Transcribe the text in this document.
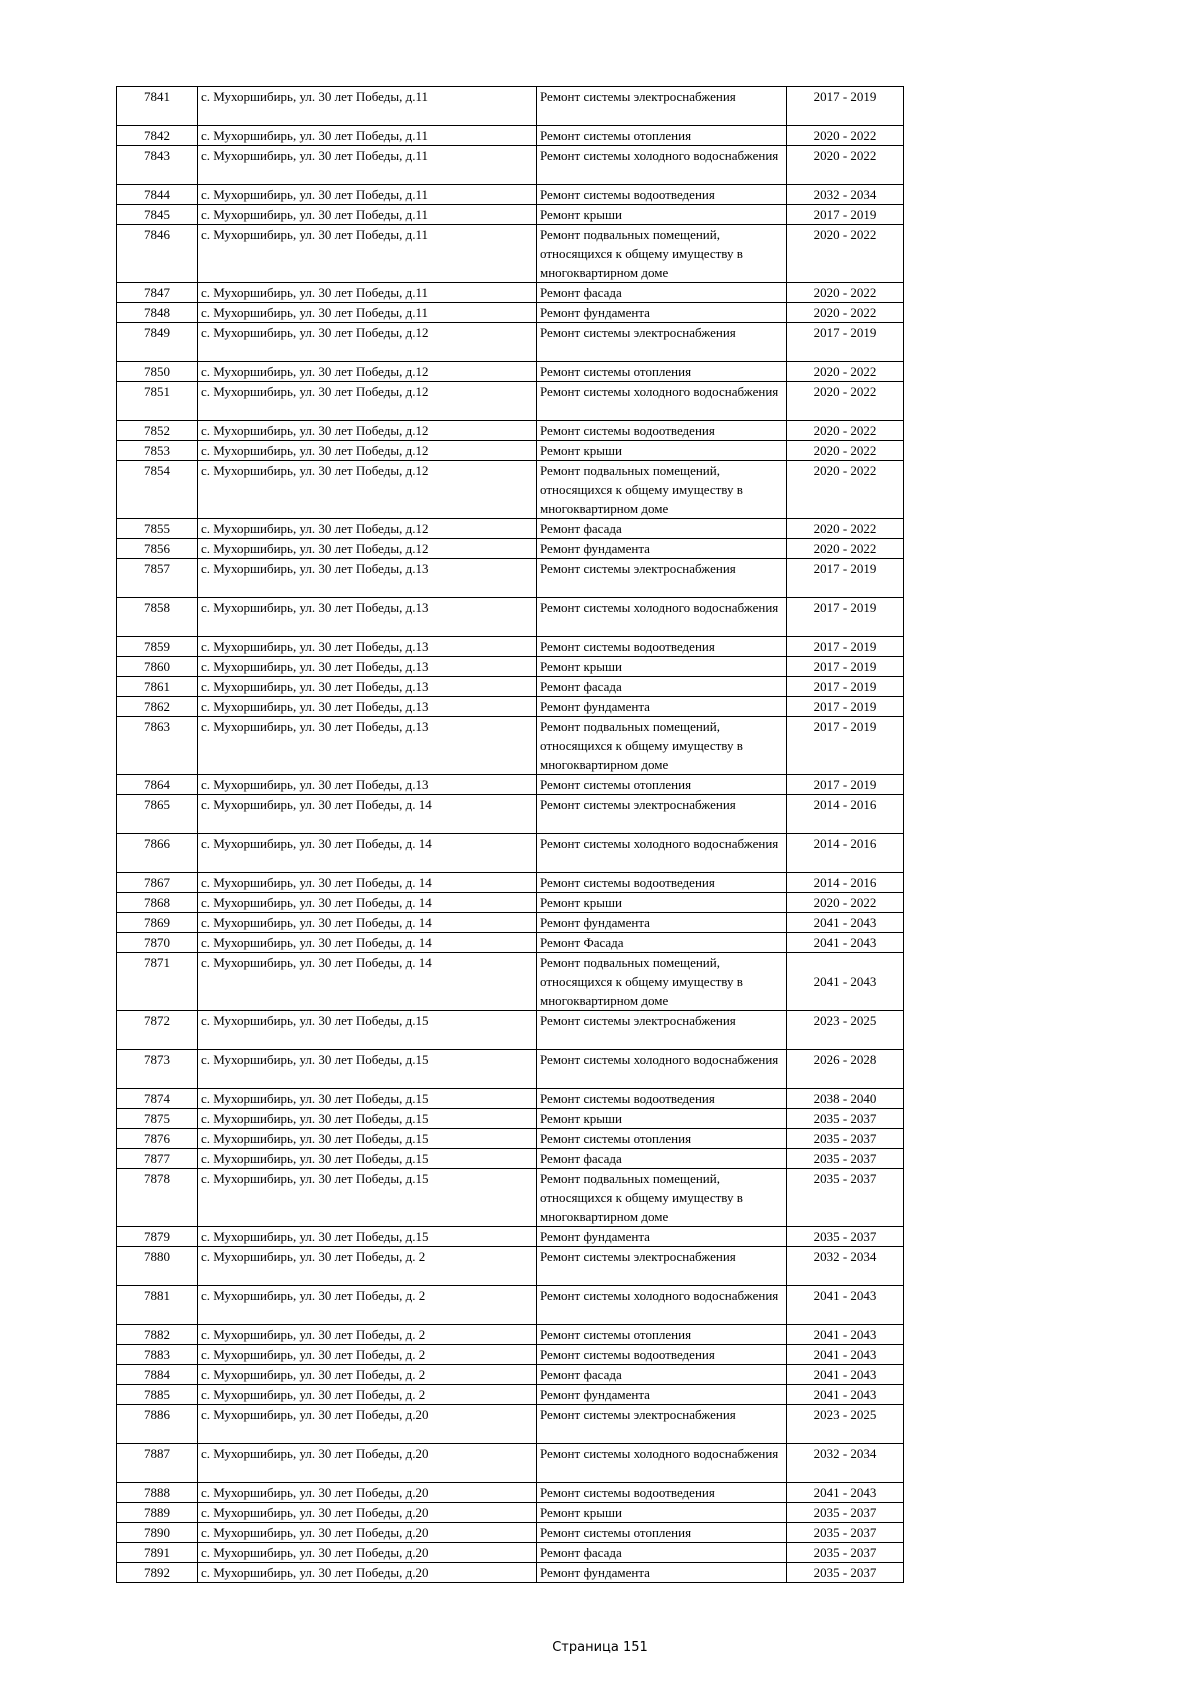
7841	с. Мухоршибирь, ул. 30 лет Победы, д.11	Ремонт системы электроснабжения	2017 - 2019
7842	с. Мухоршибирь, ул. 30 лет Победы, д.11	Ремонт системы отопления	2020 - 2022
7843	с. Мухоршибирь, ул. 30 лет Победы, д.11	Ремонт системы холодного водоснабжения	2020 - 2022
7844	с. Мухоршибирь, ул. 30 лет Победы, д.11	Ремонт системы водоотведения	2032 - 2034
7845	с. Мухоршибирь, ул. 30 лет Победы, д.11	Ремонт крыши	2017 - 2019
7846	с. Мухоршибирь, ул. 30 лет Победы, д.11	Ремонт подвальных помещений, относящихся к общему имуществу в многоквартирном доме	2020 - 2022
7847	с. Мухоршибирь, ул. 30 лет Победы, д.11	Ремонт фасада	2020 - 2022
7848	с. Мухоршибирь, ул. 30 лет Победы, д.11	Ремонт фундамента	2020 - 2022
7849	с. Мухоршибирь, ул. 30 лет Победы, д.12	Ремонт системы электроснабжения	2017 - 2019
7850	с. Мухоршибирь, ул. 30 лет Победы, д.12	Ремонт системы отопления	2020 - 2022
7851	с. Мухоршибирь, ул. 30 лет Победы, д.12	Ремонт системы холодного водоснабжения	2020 - 2022
7852	с. Мухоршибирь, ул. 30 лет Победы, д.12	Ремонт системы водоотведения	2020 - 2022
7853	с. Мухоршибирь, ул. 30 лет Победы, д.12	Ремонт крыши	2020 - 2022
7854	с. Мухоршибирь, ул. 30 лет Победы, д.12	Ремонт подвальных помещений, относящихся к общему имуществу в многоквартирном доме	2020 - 2022
7855	с. Мухоршибирь, ул. 30 лет Победы, д.12	Ремонт фасада	2020 - 2022
7856	с. Мухоршибирь, ул. 30 лет Победы, д.12	Ремонт фундамента	2020 - 2022
7857	с. Мухоршибирь, ул. 30 лет Победы, д.13	Ремонт системы электроснабжения	2017 - 2019
7858	с. Мухоршибирь, ул. 30 лет Победы, д.13	Ремонт системы холодного водоснабжения	2017 - 2019
7859	с. Мухоршибирь, ул. 30 лет Победы, д.13	Ремонт системы водоотведения	2017 - 2019
7860	с. Мухоршибирь, ул. 30 лет Победы, д.13	Ремонт крыши	2017 - 2019
7861	с. Мухоршибирь, ул. 30 лет Победы, д.13	Ремонт фасада	2017 - 2019
7862	с. Мухоршибирь, ул. 30 лет Победы, д.13	Ремонт фундамента	2017 - 2019
7863	с. Мухоршибирь, ул. 30 лет Победы, д.13	Ремонт подвальных помещений, относящихся к общему имуществу в многоквартирном доме	2017 - 2019
7864	с. Мухоршибирь, ул. 30 лет Победы, д.13	Ремонт системы отопления	2017 - 2019
7865	с. Мухоршибирь, ул. 30 лет Победы, д. 14	Ремонт системы электроснабжения	2014 - 2016
7866	с. Мухоршибирь, ул. 30 лет Победы, д. 14	Ремонт системы холодного водоснабжения	2014 - 2016
7867	с. Мухоршибирь, ул. 30 лет Победы, д. 14	Ремонт системы водоотведения	2014 - 2016
7868	с. Мухоршибирь, ул. 30 лет Победы, д. 14	Ремонт крыши	2020 - 2022
7869	с. Мухоршибирь, ул. 30 лет Победы, д. 14	Ремонт фундамента	2041 - 2043
7870	с. Мухоршибирь, ул. 30 лет Победы, д. 14	Ремонт Фасада	2041 - 2043
7871	с. Мухоршибирь, ул. 30 лет Победы, д. 14	Ремонт подвальных помещений, относящихся к общему имуществу в многоквартирном доме	2041 - 2043
7872	с. Мухоршибирь, ул. 30 лет Победы, д.15	Ремонт системы электроснабжения	2023 - 2025
7873	с. Мухоршибирь, ул. 30 лет Победы, д.15	Ремонт системы холодного водоснабжения	2026 - 2028
7874	с. Мухоршибирь, ул. 30 лет Победы, д.15	Ремонт системы водоотведения	2038 - 2040
7875	с. Мухоршибирь, ул. 30 лет Победы, д.15	Ремонт крыши	2035 - 2037
7876	с. Мухоршибирь, ул. 30 лет Победы, д.15	Ремонт системы отопления	2035 - 2037
7877	с. Мухоршибирь, ул. 30 лет Победы, д.15	Ремонт фасада	2035 - 2037
7878	с. Мухоршибирь, ул. 30 лет Победы, д.15	Ремонт подвальных помещений, относящихся к общему имуществу в многоквартирном доме	2035 - 2037
7879	с. Мухоршибирь, ул. 30 лет Победы, д.15	Ремонт фундамента	2035 - 2037
7880	с. Мухоршибирь, ул. 30 лет Победы, д. 2	Ремонт системы электроснабжения	2032 - 2034
7881	с. Мухоршибирь, ул. 30 лет Победы, д. 2	Ремонт системы холодного водоснабжения	2041 - 2043
7882	с. Мухоршибирь, ул. 30 лет Победы, д. 2	Ремонт системы отопления	2041 - 2043
7883	с. Мухоршибирь, ул. 30 лет Победы, д. 2	Ремонт системы водоотведения	2041 - 2043
7884	с. Мухоршибирь, ул. 30 лет Победы, д. 2	Ремонт фасада	2041 - 2043
7885	с. Мухоршибирь, ул. 30 лет Победы, д. 2	Ремонт фундамента	2041 - 2043
7886	с. Мухоршибирь, ул. 30 лет Победы, д.20	Ремонт системы электроснабжения	2023 - 2025
7887	с. Мухоршибирь, ул. 30 лет Победы, д.20	Ремонт системы холодного водоснабжения	2032 - 2034
7888	с. Мухоршибирь, ул. 30 лет Победы, д.20	Ремонт системы водоотведения	2041 - 2043
7889	с. Мухоршибирь, ул. 30 лет Победы, д.20	Ремонт крыши	2035 - 2037
7890	с. Мухоршибирь, ул. 30 лет Победы, д.20	Ремонт системы отопления	2035 - 2037
7891	с. Мухоршибирь, ул. 30 лет Победы, д.20	Ремонт фасада	2035 - 2037
7892	с. Мухоршибирь, ул. 30 лет Победы, д.20	Ремонт фундамента	2035 - 2037
Страница 151
